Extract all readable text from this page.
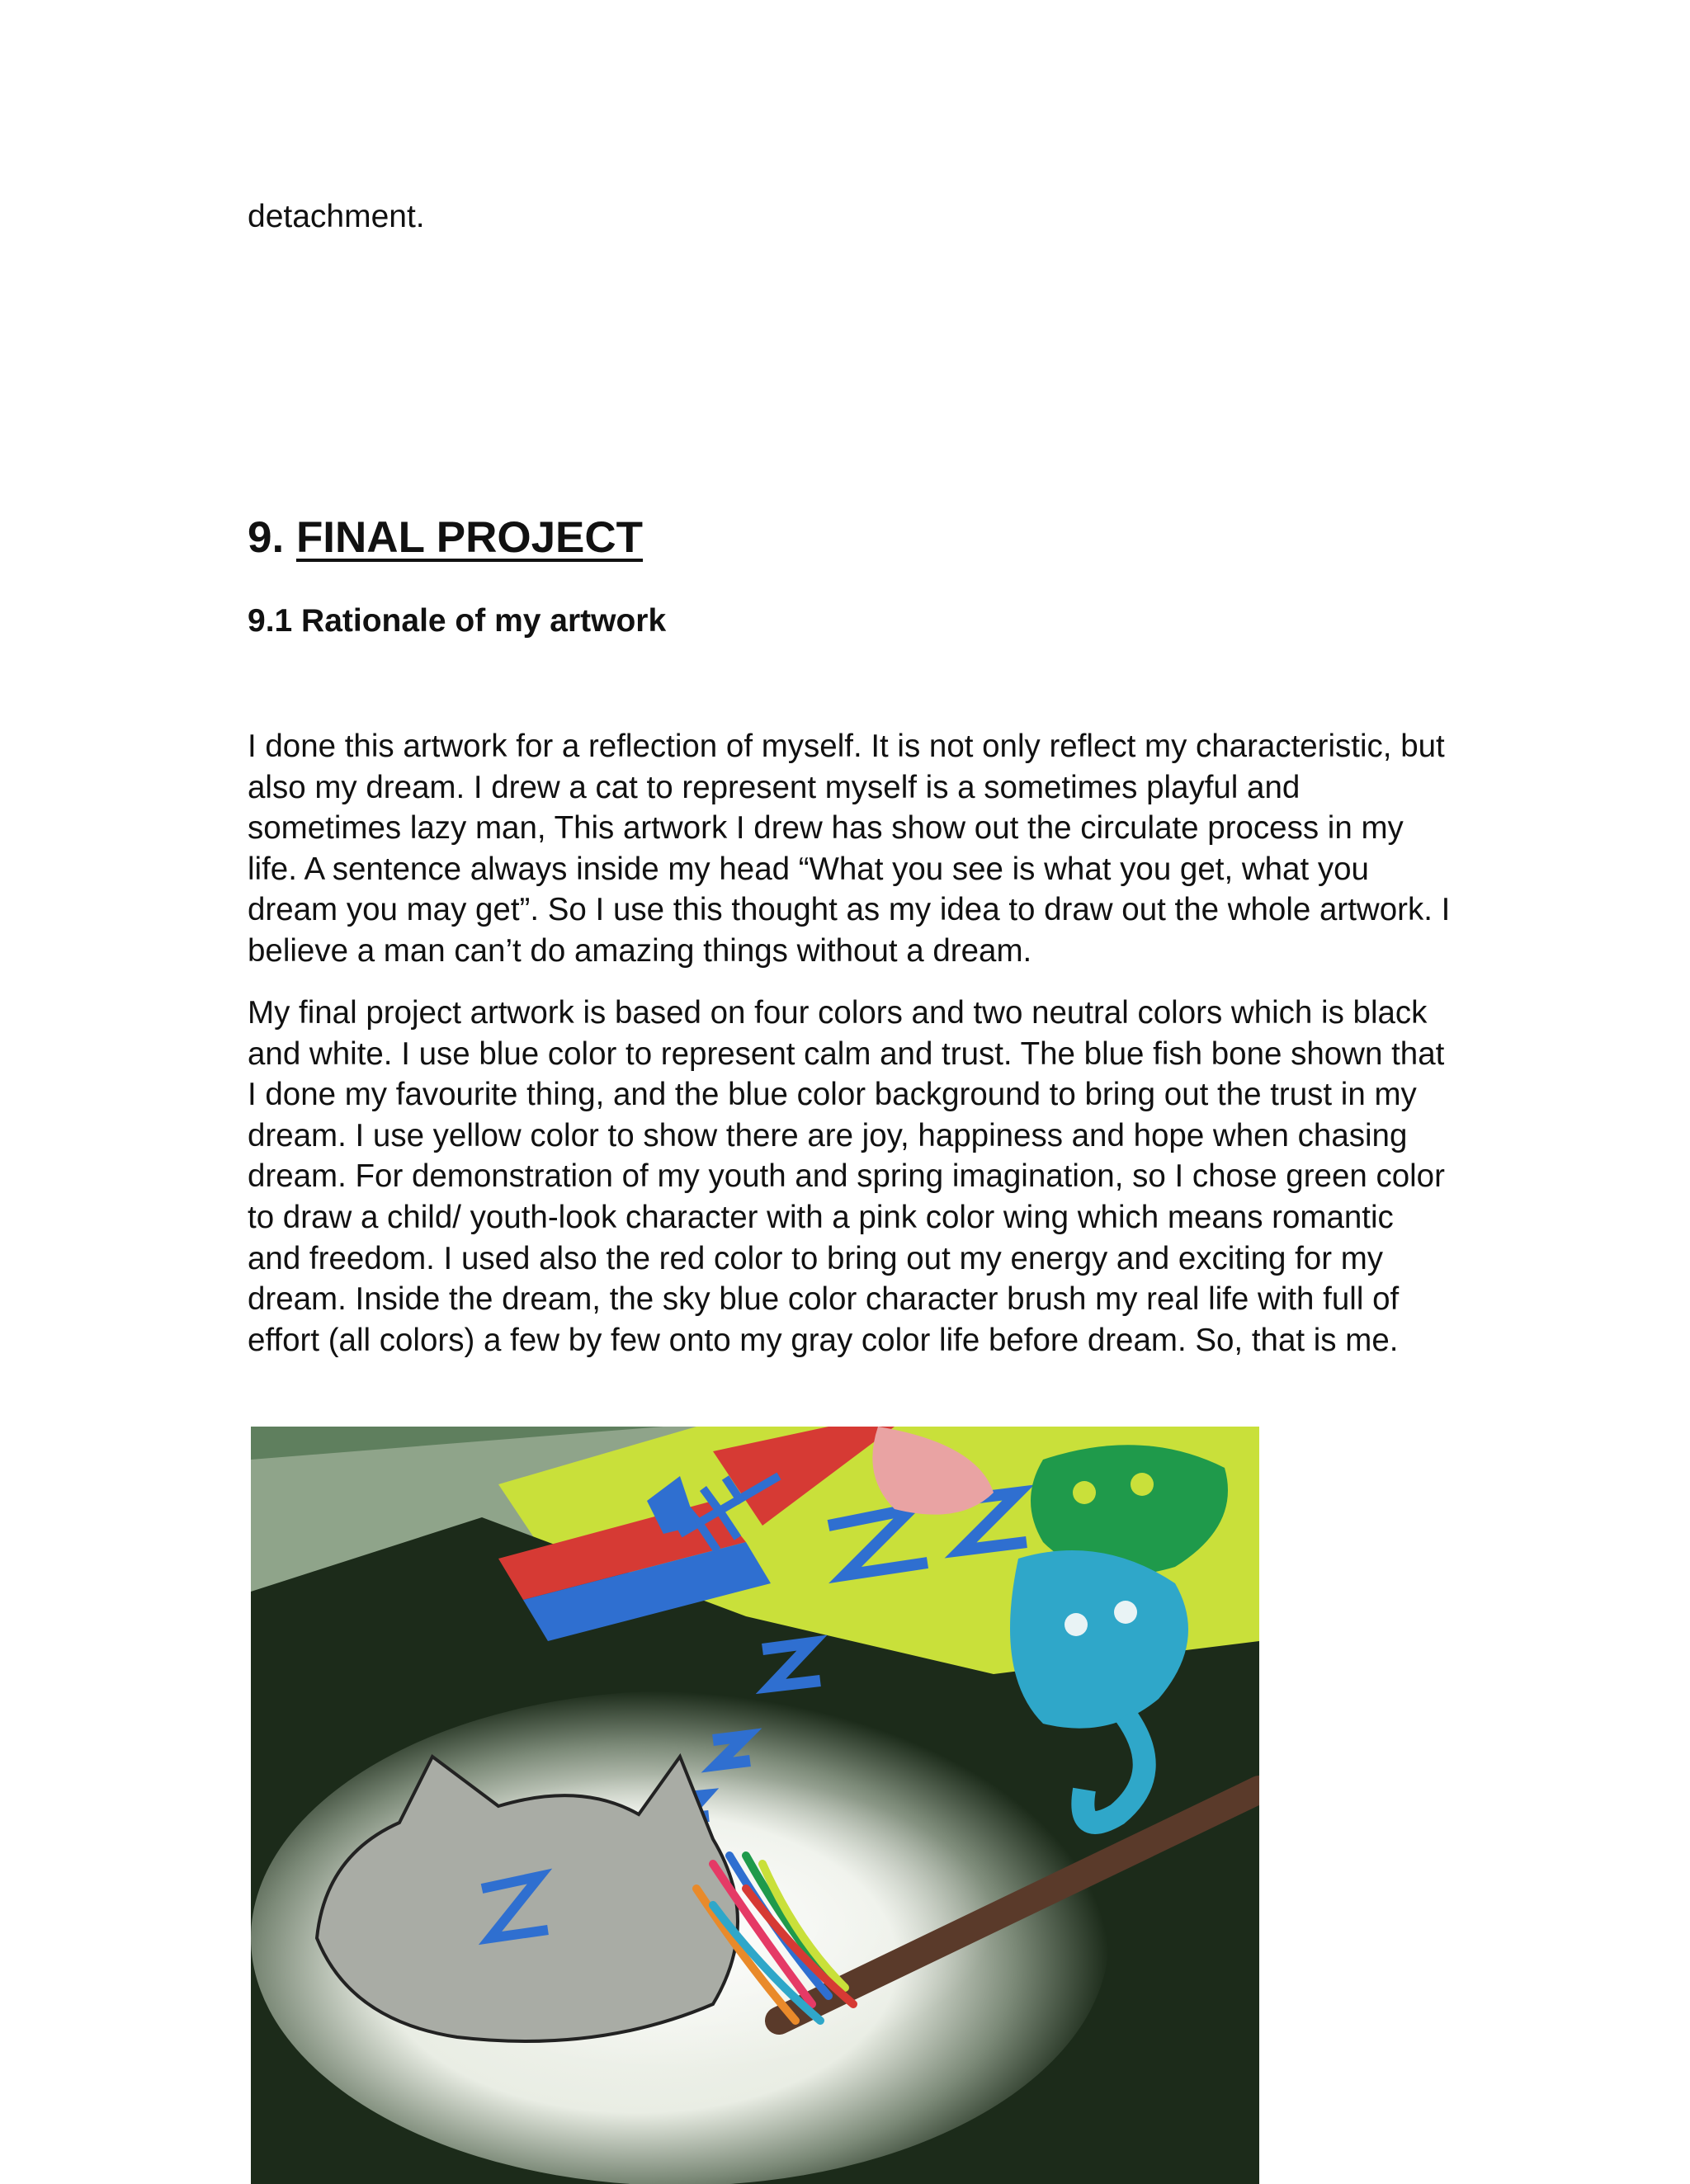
detachment.
9. FINAL PROJECT
9.1 Rationale of my artwork

I done this artwork for a reflection of myself. It is not only reflect my characteristic, but also my dream. I drew a cat to represent myself is a sometimes playful and sometimes lazy man, This artwork I drew has show out the circulate process in my life. A sentence always inside my head “What you see is what you get, what you dream you may get”. So I use this thought as my idea to draw out the whole artwork. I believe a man can’t do amazing things without a dream.

My final project artwork is based on four colors and two neutral colors which is black and white. I use blue color to represent calm and trust. The blue fish bone shown that I done my favourite thing, and the blue color background to bring out the trust in my dream. I use yellow color to show there are joy, happiness and hope when chasing dream. For demonstration of my youth and spring imagination, so I chose green color to draw a child/ youth-look character with a pink color wing which means romantic and freedom. I used also the red color to bring out my energy and exciting for my dream. Inside the dream, the sky blue color character brush my real life with full of effort (all colors) a few by few onto my gray color life before dream. So, that is me.
